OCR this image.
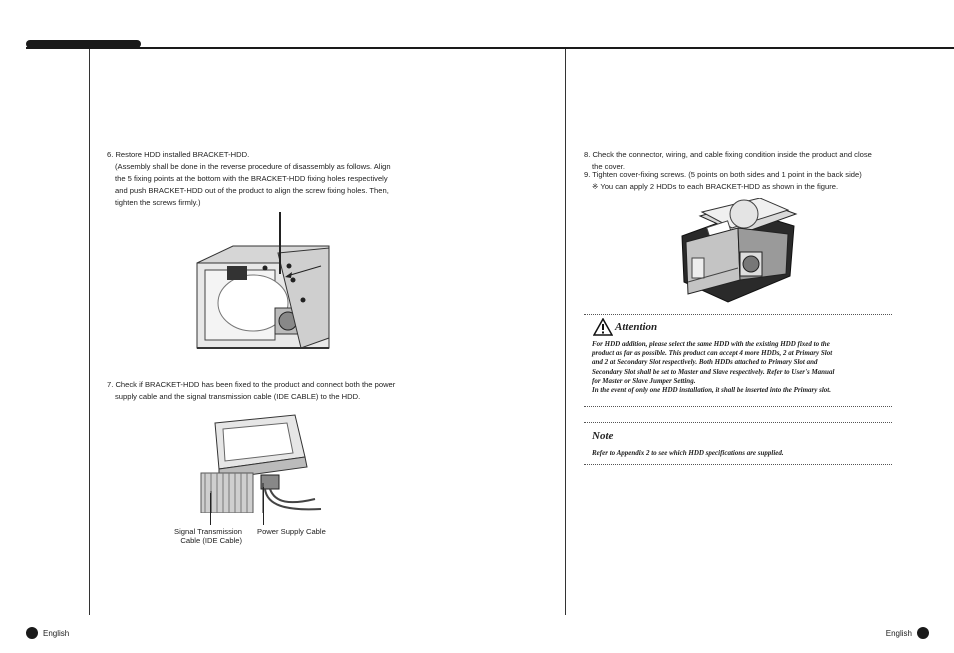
6. Restore HDD installed BRACKET-HDD.
(Assembly shall be done in the reverse procedure of disassembly as follows. Align
the 5 fixing points at the bottom with the BRACKET-HDD fixing holes respectively
and push BRACKET-HDD out of the product to align the screw fixing holes. Then,
tighten the screws firmly.)
7. Check if BRACKET-HDD has been fixed to the product and connect both the power
supply cable and the signal transmission cable (IDE CABLE) to the HDD.
Signal Transmission
Cable (IDE Cable)
Power Supply Cable
8. Check the connector, wiring, and cable fixing condition inside the product and close
the cover.
9. Tighten cover-fixing screws. (5 points on both sides and 1 point in the back side)
※ You can apply 2 HDDs to each BRACKET-HDD as shown in the figure.
Attention
For HDD addition, please select the same HDD with the existing HDD fixed to the
product as far as possible. This product can accept 4 more HDDs, 2 at Primary Slot
and 2 at Secondary Slot respectively. Both HDDs attached to Primary Slot and
Secondary Slot shall be set to Master and Slave respectively. Refer to User's Manual
for Master or Slave Jumper Setting.
In the event of only one HDD installation, it shall be inserted into the Primary slot.
Note
Refer to Appendix 2 to see which HDD specifications are supplied.
English	English
